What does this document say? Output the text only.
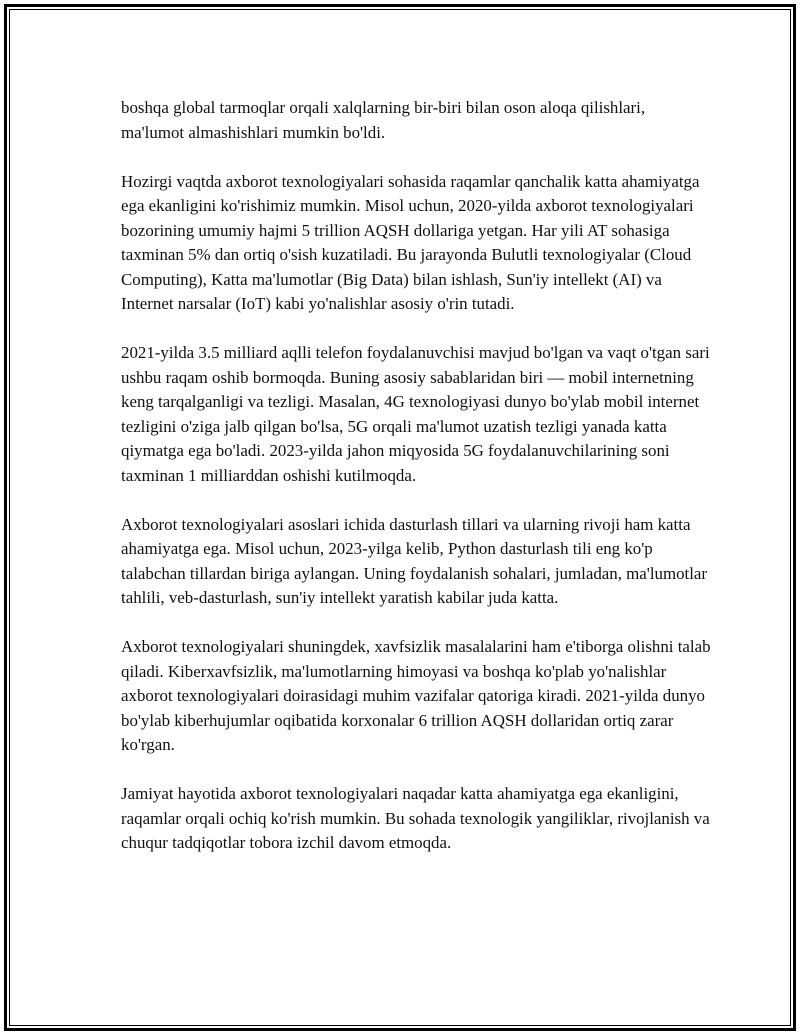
boshqa global tarmoqlar orqali xalqlarning bir-biri bilan oson aloqa qilishlari, ma'lumot almashishlari mumkin bo'ldi.

Hozirgi vaqtda axborot texnologiyalari sohasida raqamlar qanchalik katta ahamiyatga ega ekanligini ko'rishimiz mumkin. Misol uchun, 2020-yilda axborot texnologiyalari bozorining umumiy hajmi 5 trillion AQSH dollariga yetgan. Har yili AT sohasiga taxminan 5% dan ortiq o'sish kuzatiladi. Bu jarayonda Bulutli texnologiyalar (Cloud Computing), Katta ma'lumotlar (Big Data) bilan ishlash, Sun'iy intellekt (AI) va Internet narsalar (IoT) kabi yo'nalishlar asosiy o'rin tutadi.

2021-yilda 3.5 milliard aqlli telefon foydalanuvchisi mavjud bo'lgan va vaqt o'tgan sari ushbu raqam oshib bormoqda. Buning asosiy sabablaridan biri — mobil internetning keng tarqalganligi va tezligi. Masalan, 4G texnologiyasi dunyo bo'ylab mobil internet tezligini o'ziga jalb qilgan bo'lsa, 5G orqali ma'lumot uzatish tezligi yanada katta qiymatga ega bo'ladi. 2023-yilda jahon miqyosida 5G foydalanuvchilarining soni taxminan 1 milliarddan oshishi kutilmoqda.

Axborot texnologiyalari asoslari ichida dasturlash tillari va ularning rivoji ham katta ahamiyatga ega. Misol uchun, 2023-yilga kelib, Python dasturlash tili eng ko'p talabchan tillardan biriga aylangan. Uning foydalanish sohalari, jumladan, ma'lumotlar tahlili, veb-dasturlash, sun'iy intellekt yaratish kabilar juda katta.

Axborot texnologiyalari shuningdek, xavfsizlik masalalarini ham e'tiborga olishni talab qiladi. Kiberxavfsizlik, ma'lumotlarning himoyasi va boshqa ko'plab yo'nalishlar axborot texnologiyalari doirasidagi muhim vazifalar qatoriga kiradi. 2021-yilda dunyo bo'ylab kiberhujumlar oqibatida korxonalar 6 trillion AQSH dollaridan ortiq zarar ko'rgan.

Jamiyat hayotida axborot texnologiyalari naqadar katta ahamiyatga ega ekanligini, raqamlar orqali ochiq ko'rish mumkin. Bu sohada texnologik yangiliklar, rivojlanish va chuqur tadqiqotlar tobora izchil davom etmoqda.
